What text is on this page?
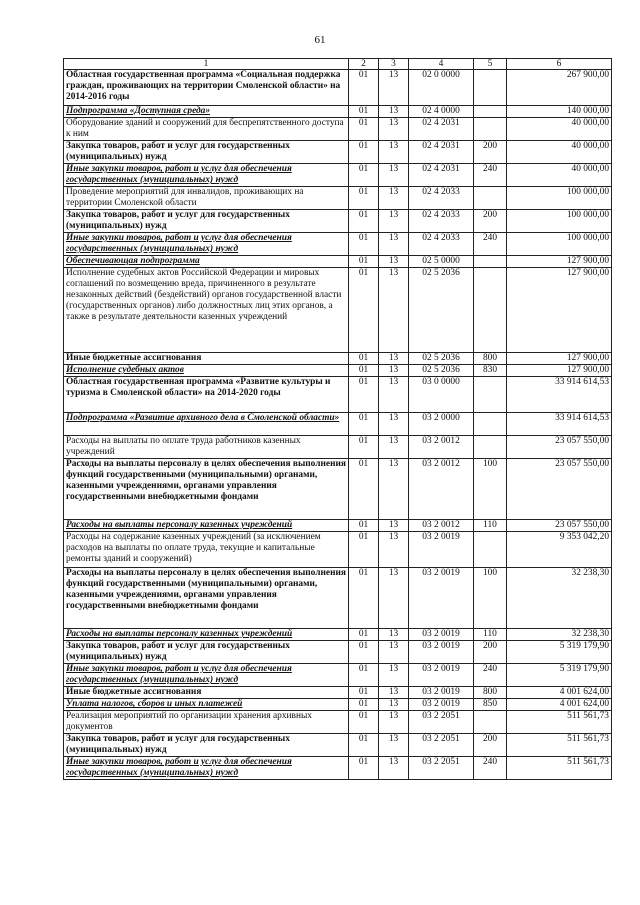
61
1	2	3	4	5	6
Областная государственная программа «Социальная поддержка граждан, проживающих на территории Смоленской области» на 2014-2016 годы	01	13	02 0 0000		267 900,00
Подпрограмма «Доступная среда»	01	13	02 4 0000		140 000,00
Оборудование зданий и сооружений для беспрепятственного доступа к ним	01	13	02 4 2031		40 000,00
Закупка товаров, работ и услуг для государственных (муниципальных) нужд	01	13	02 4 2031	200	40 000,00
Иные закупки товаров, работ и услуг для обеспечения государственных (муниципальных) нужд	01	13	02 4 2031	240	40 000,00
Проведение мероприятий для инвалидов, проживающих на территории Смоленской области	01	13	02 4 2033		100 000,00
Закупка товаров, работ и услуг для государственных (муниципальных) нужд	01	13	02 4 2033	200	100 000,00
Иные закупки товаров, работ и услуг для обеспечения государственных (муниципальных) нужд	01	13	02 4 2033	240	100 000,00
Обеспечивающая подпрограмма	01	13	02 5 0000		127 900,00
Исполнение судебных актов Российской Федерации и мировых соглашений по возмещению вреда, причиненного в результате незаконных действий (бездействий) органов государственной власти (государственных органов) либо должностных лиц этих органов, а также в результате деятельности казенных учреждений	01	13	02 5 2036		127 900,00
Иные бюджетные ассигнования	01	13	02 5 2036	800	127 900,00
Исполнение судебных актов	01	13	02 5 2036	830	127 900,00
Областная государственная программа «Развитие культуры и туризма в Смоленской области» на 2014-2020 годы	01	13	03 0 0000		33 914 614,53
Подпрограмма «Развитие архивного дела в Смоленской области»	01	13	03 2 0000		33 914 614,53
Расходы на выплаты по оплате труда работников казенных учреждений	01	13	03 2 0012		23 057 550,00
Расходы на выплаты персоналу в целях обеспечения выполнения функций государственными (муниципальными) органами, казенными учреждениями, органами управления государственными внебюджетными фондами	01	13	03 2 0012	100	23 057 550,00
Расходы на выплаты персоналу казенных учреждений	01	13	03 2 0012	110	23 057 550,00
Расходы на содержание казенных учреждений (за исключением расходов на выплаты по оплате труда, текущие и капитальные ремонты зданий и сооружений)	01	13	03 2 0019		9 353 042,20
Расходы на выплаты персоналу в целях обеспечения выполнения функций государственными (муниципальными) органами, казенными учреждениями, органами управления государственными внебюджетными фондами	01	13	03 2 0019	100	32 238,30
Расходы на выплаты персоналу казенных учреждений	01	13	03 2 0019	110	32 238,30
Закупка товаров, работ и услуг для государственных (муниципальных) нужд	01	13	03 2 0019	200	5 319 179,90
Иные закупки товаров, работ и услуг для обеспечения государственных (муниципальных) нужд	01	13	03 2 0019	240	5 319 179,90
Иные бюджетные ассигнования	01	13	03 2 0019	800	4 001 624,00
Уплата налогов, сборов и иных платежей	01	13	03 2 0019	850	4 001 624,00
Реализация мероприятий по организации хранения архивных документов	01	13	03 2 2051		511 561,73
Закупка товаров, работ и услуг для государственных (муниципальных) нужд	01	13	03 2 2051	200	511 561,73
Иные закупки товаров, работ и услуг для обеспечения государственных (муниципальных) нужд	01	13	03 2 2051	240	511 561,73
